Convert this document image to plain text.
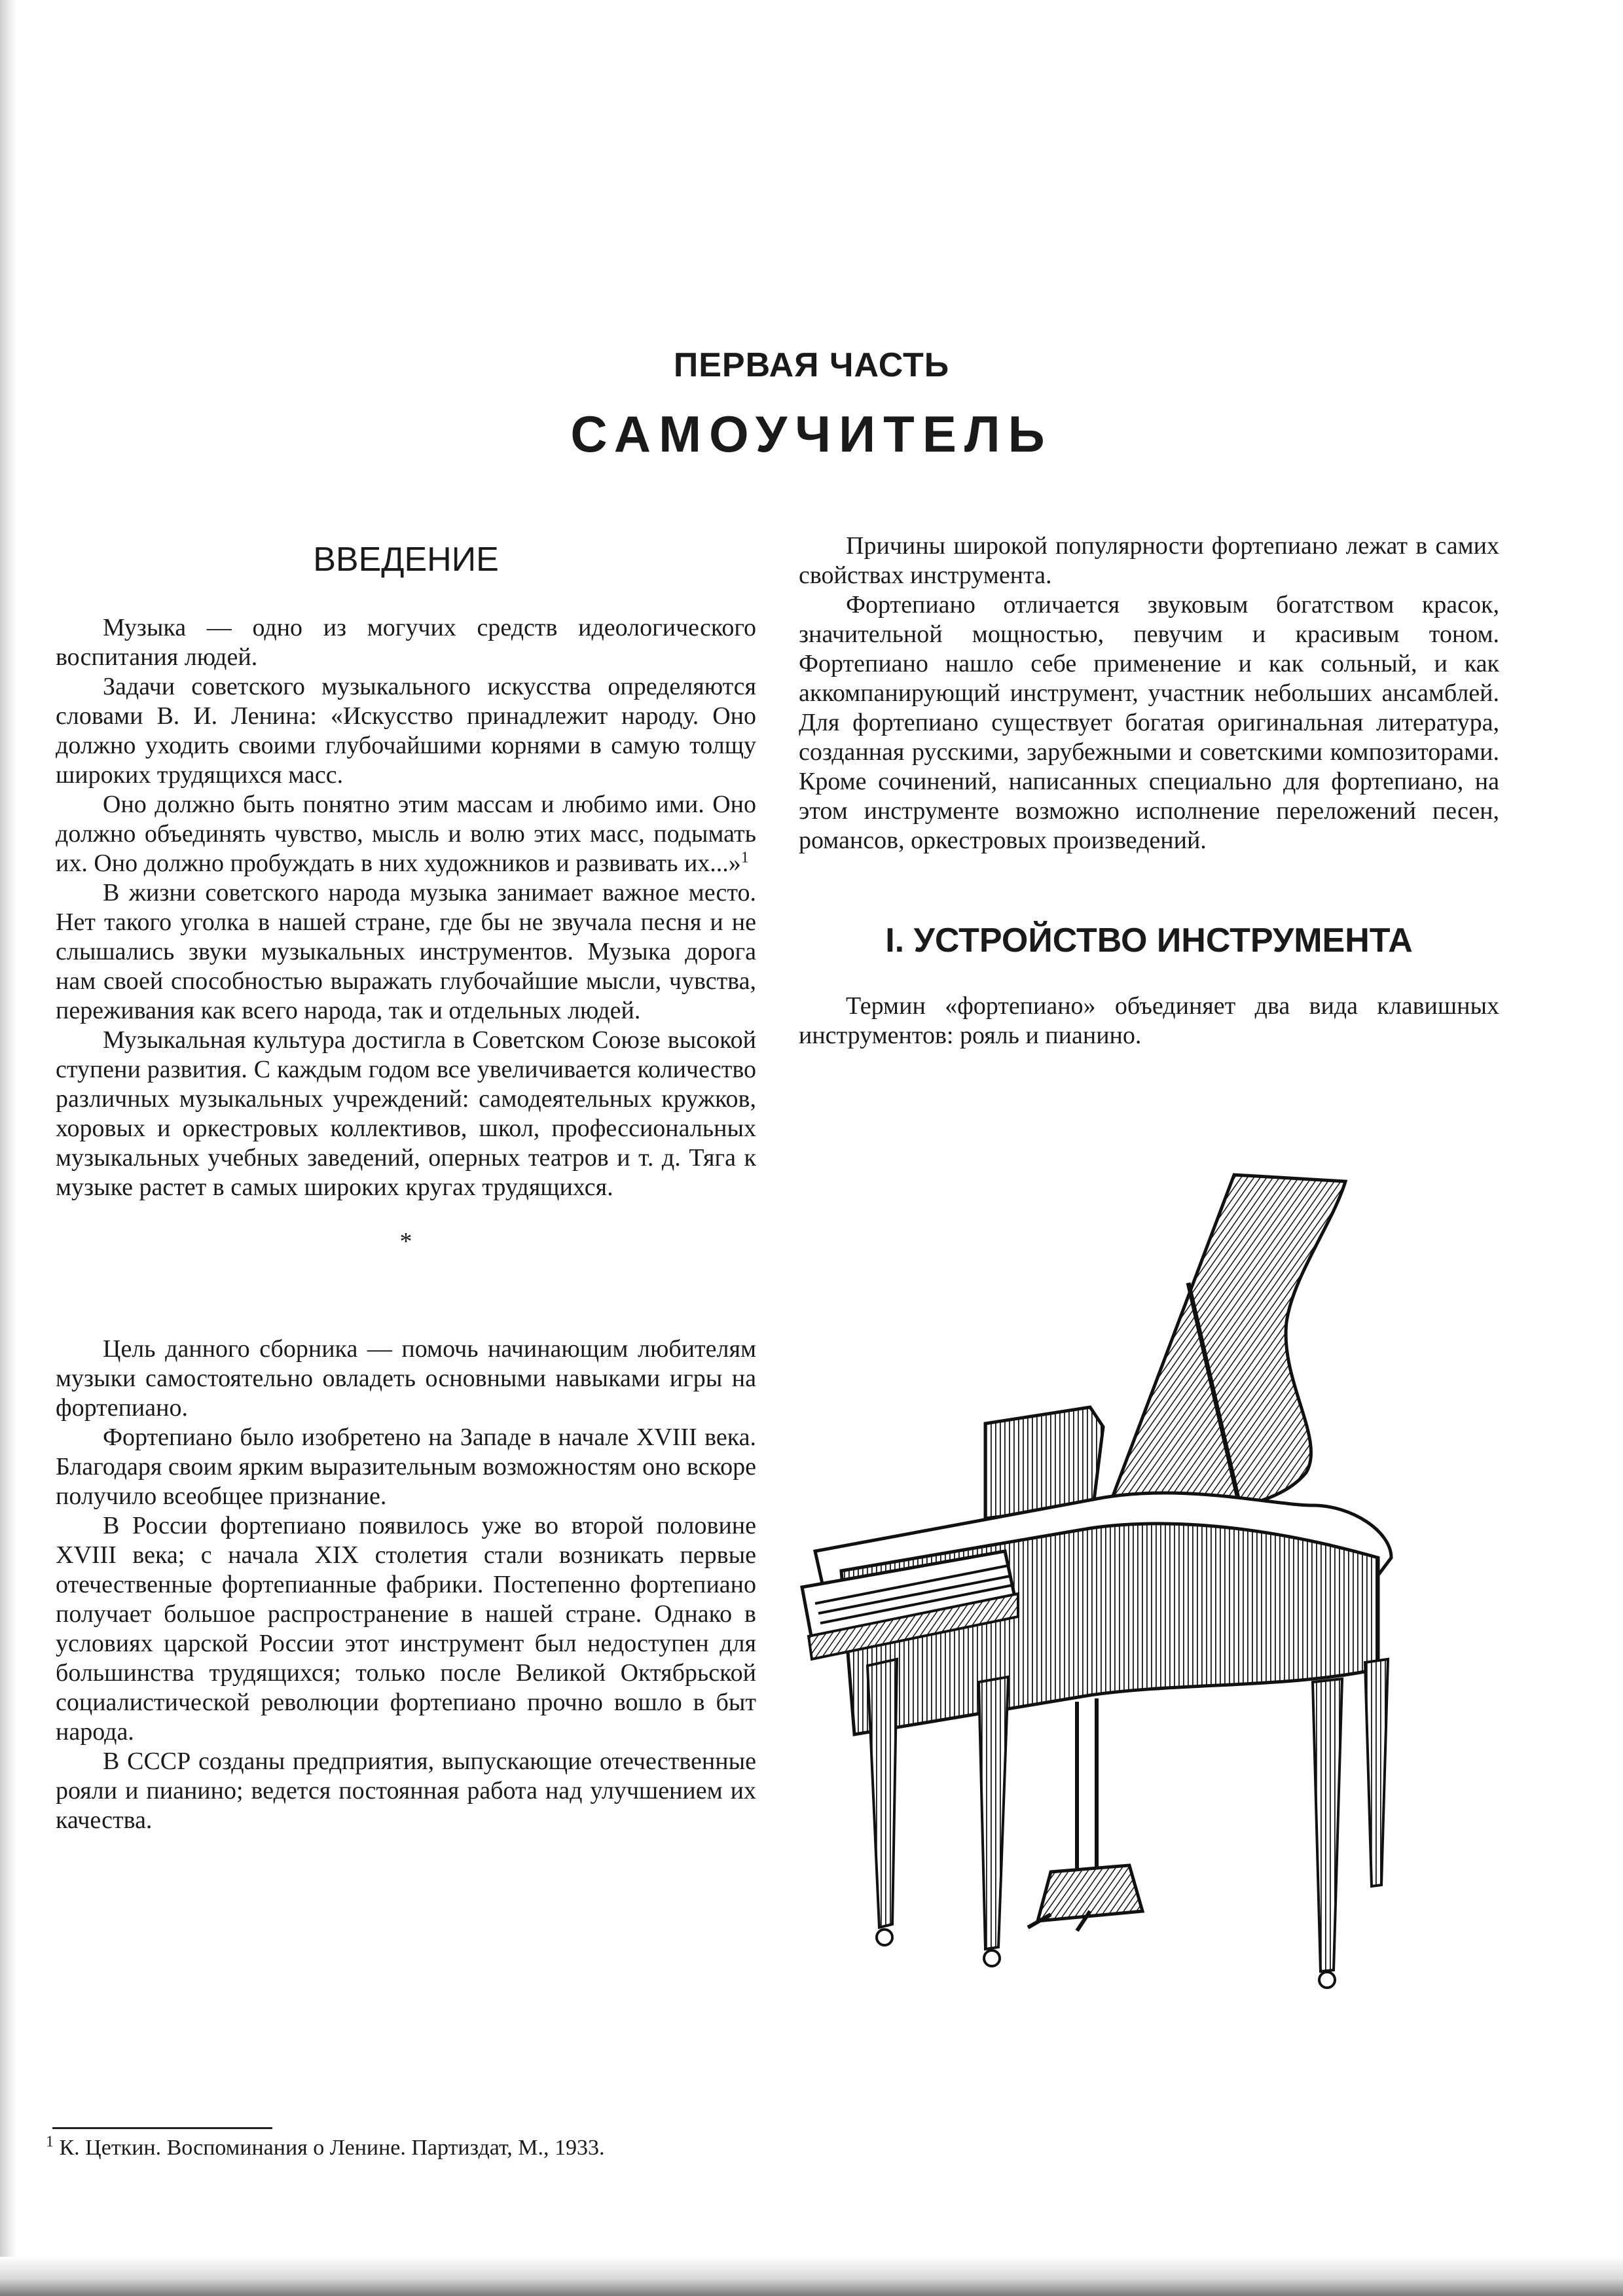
ПЕРВАЯ ЧАСТЬ
САМОУЧИТЕЛЬ
ВВЕДЕНИЕ

Музыка — одно из могучих средств идеологического воспитания людей.

Задачи советского музыкального искусства определяются словами В. И. Ленина: «Искусство принадлежит народу. Оно должно уходить своими глубочайшими корнями в самую толщу широких трудящихся масс.

Оно должно быть понятно этим массам и любимо ими. Оно должно объединять чувство, мысль и волю этих масс, подымать их. Оно должно пробуждать в них художников и развивать их...»$^1$

В жизни советского народа музыка занимает важное место. Нет такого уголка в нашей стране, где бы не звучала песня и не слышались звуки музыкальных инструментов. Музыка дорога нам своей способностью выражать глубочайшие мысли, чувства, переживания как всего народа, так и отдельных людей.

Музыкальная культура достигла в Советском Союзе высокой ступени развития. С каждым годом все увеличивается количество различных музыкальных учреждений: самодеятельных кружков, хоровых и оркестровых коллективов, школ, профессиональных музыкальных учебных заведений, оперных театров и т. д. Тяга к музыке растет в самых широких кругах трудящихся.

*

Цель данного сборника — помочь начинающим любителям музыки самостоятельно овладеть основными навыками игры на фортепиано.

Фортепиано было изобретено на Западе в начале XVIII века. Благодаря своим ярким выразительным возможностям оно вскоре получило всеобщее признание.

В России фортепиано появилось уже во второй половине XVIII века; с начала XIX столетия стали возникать первые отечественные фортепианные фабрики. Постепенно фортепиано получает большое распространение в нашей стране. Однако в условиях царской России этот инструмент был недоступен для большинства трудящихся; только после Великой Октябрьской социалистической революции фортепиано прочно вошло в быт народа.

В СССР созданы предприятия, выпускающие отечественные рояли и пианино; ведется постоянная работа над улучшением их качества.

Причины широкой популярности фортепиано лежат в самих свойствах инструмента.

Фортепиано отличается звуковым богатством красок, значительной мощностью, певучим и красивым тоном. Фортепиано нашло себе применение и как сольный, и как аккомпанирующий инструмент, участник небольших ансамблей. Для фортепиано существует богатая оригинальная литература, созданная русскими, зарубежными и советскими композиторами. Кроме сочинений, написанных специально для фортепиано, на этом инструменте возможно исполнение переложений песен, романсов, оркестровых произведений.

I. УСТРОЙСТВО ИНСТРУМЕНТА

Термин «фортепиано» объединяет два вида клавишных инструментов: рояль и пианино.

$^1$ К. Цеткин. Воспоминания о Ленине. Партиздат, М., 1933.
